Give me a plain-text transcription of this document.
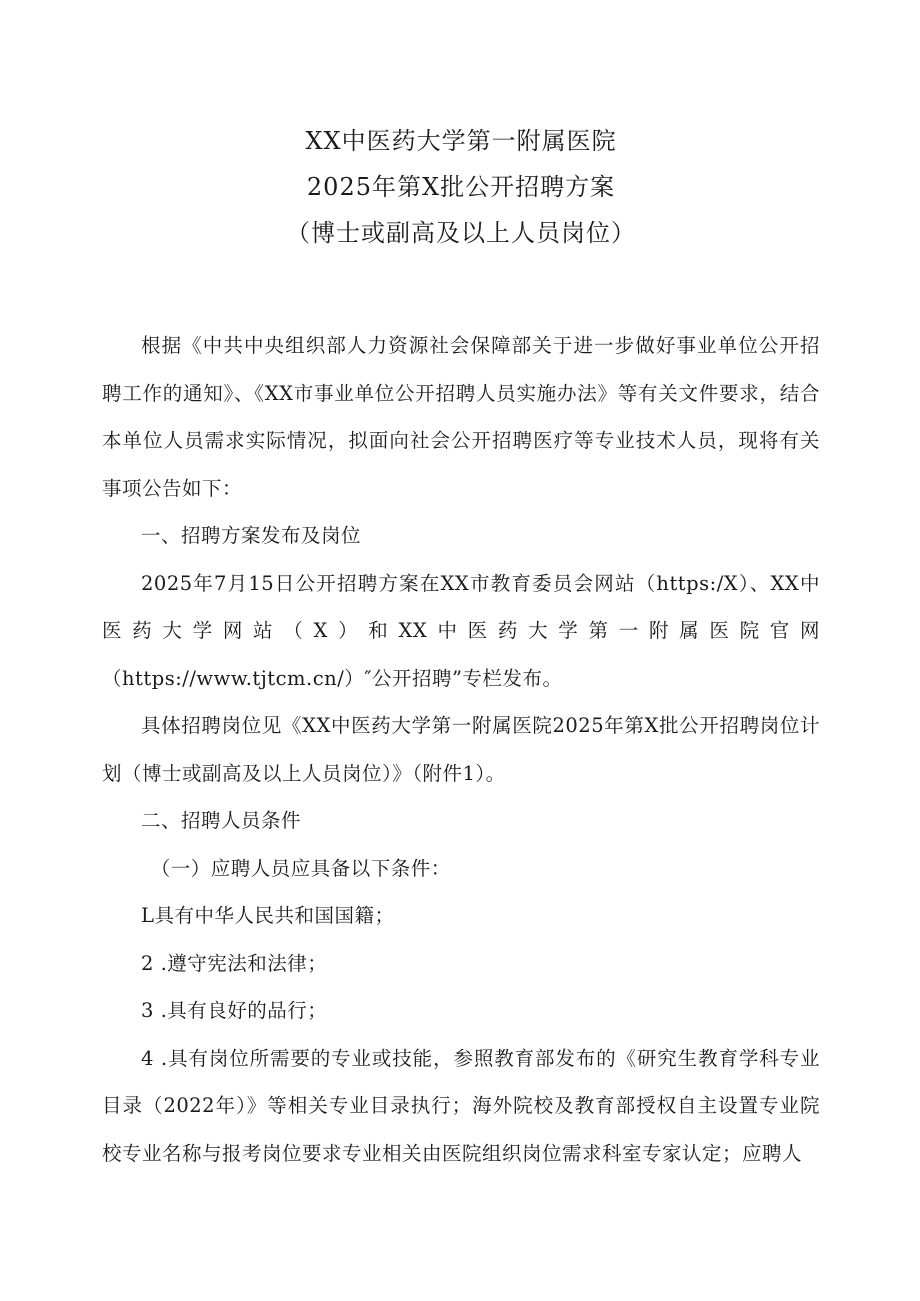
XX中医药大学第一附属医院

2025年第X批公开招聘方案

（博士或副高及以上人员岗位）

根据《中共中央组织部人力资源社会保障部关于进一步做好事业单位公开招聘工作的通知》、《XX市事业单位公开招聘人员实施办法》等有关文件要求，结合本单位人员需求实际情况，拟面向社会公开招聘医疗等专业技术人员，现将有关事项公告如下：

一、招聘方案发布及岗位

2025年7月15日公开招聘方案在XX市教育委员会网站（https:/X）、XX中医药大学网站（X）和XX中医药大学第一附属医院官网（https://www.tjtcm.cn/）″公开招聘”专栏发布。

具体招聘岗位见《XX中医药大学第一附属医院2025年第X批公开招聘岗位计划（博士或副高及以上人员岗位）》（附件1）。

二、招聘人员条件

（一）应聘人员应具备以下条件：

L具有中华人民共和国国籍；

2 .遵守宪法和法律；

3 .具有良好的品行；

4 .具有岗位所需要的专业或技能，参照教育部发布的《研究生教育学科专业目录（2022年）》等相关专业目录执行；海外院校及教育部授权自主设置专业院校专业名称与报考岗位要求专业相关由医院组织岗位需求科室专家认定；应聘人
